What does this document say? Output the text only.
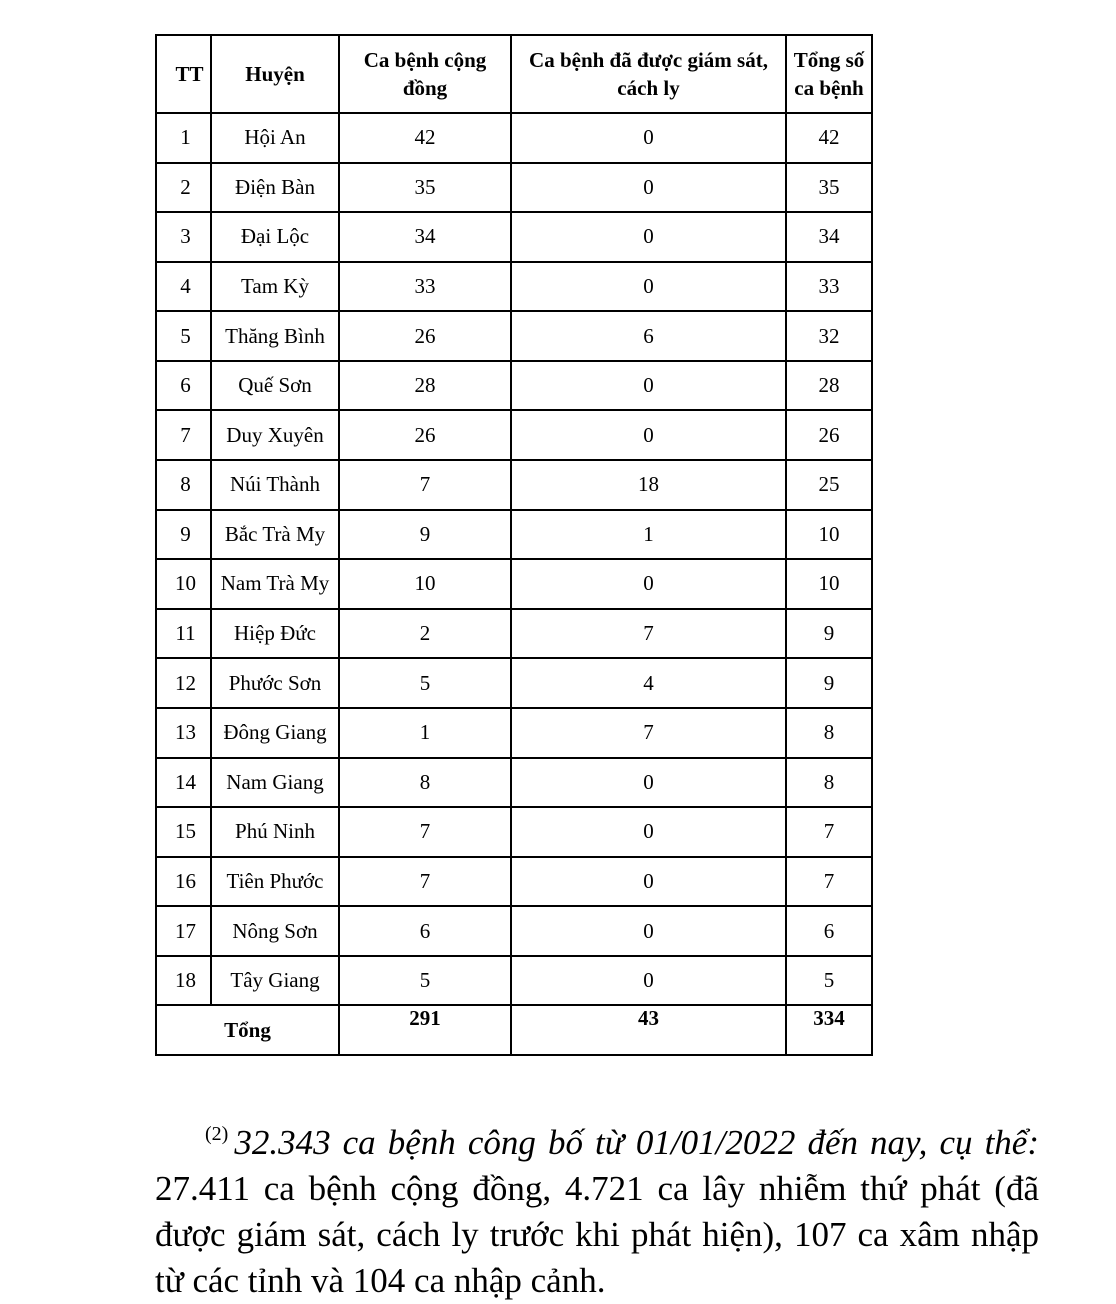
TT	Huyện	Ca bệnh cộng đồng	Ca bệnh đã được giám sát, cách ly	Tổng số ca bệnh
1	Hội An	42	0	42
2	Điện Bàn	35	0	35
3	Đại Lộc	34	0	34
4	Tam Kỳ	33	0	33
5	Thăng Bình	26	6	32
6	Quế Sơn	28	0	28
7	Duy Xuyên	26	0	26
8	Núi Thành	7	18	25
9	Bắc Trà My	9	1	10
10	Nam Trà My	10	0	10
11	Hiệp Đức	2	7	9
12	Phước Sơn	5	4	9
13	Đông Giang	1	7	8
14	Nam Giang	8	0	8
15	Phú Ninh	7	0	7
16	Tiên Phước	7	0	7
17	Nông Sơn	6	0	6
18	Tây Giang	5	0	5
Tổng		291	43	334

$^{(2)}$ 32.343 ca bệnh công bố từ 01/01/2022 đến nay, cụ thể: 27.411 ca bệnh cộng đồng, 4.721 ca lây nhiễm thứ phát (đã được giám sát, cách ly trước khi phát hiện), 107 ca xâm nhập từ các tỉnh và 104 ca nhập cảnh.
